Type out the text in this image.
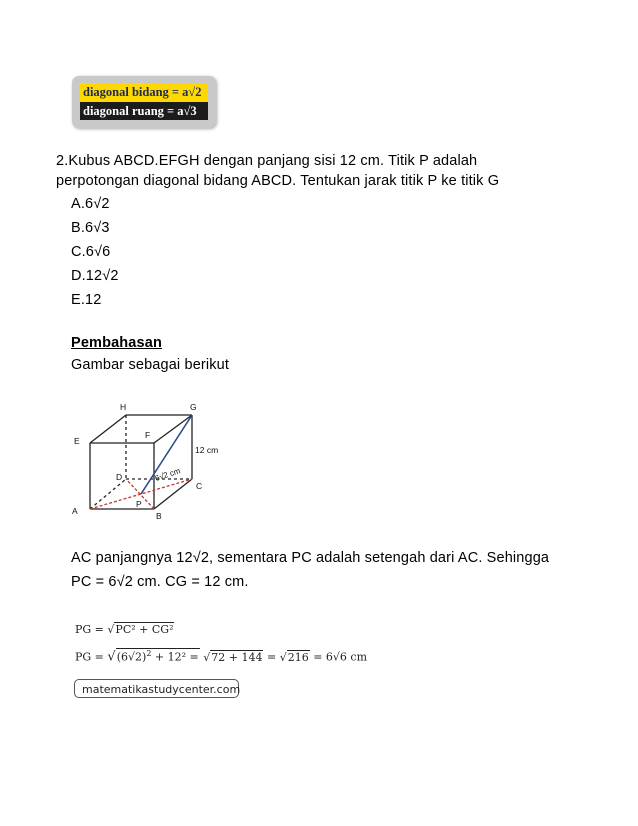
diagonal bidang = a√2
diagonal ruang = a√3
2.Kubus ABCD.EFGH dengan panjang sisi 12 cm. Titik P adalah
perpotongan diagonal bidang ABCD. Tentukan jarak titik P ke titik G
A.6√2
B.6√3
C.6√6
D.12√2
E.12
Pembahasan
Gambar sebagai berikut
H	G
E
F
D
C
A	B
P
12 cm
6√2 cm
AC panjangnya 12√2, sementara PC adalah setengah dari AC. Sehingga
PC = 6√2 cm. CG = 12 cm.
PG = √PC² + CG²
PG = $√(6√2)^2 + 12^2 = √72 + 144 = √216 = 6√6$ cm
matematikastudycenter.com
